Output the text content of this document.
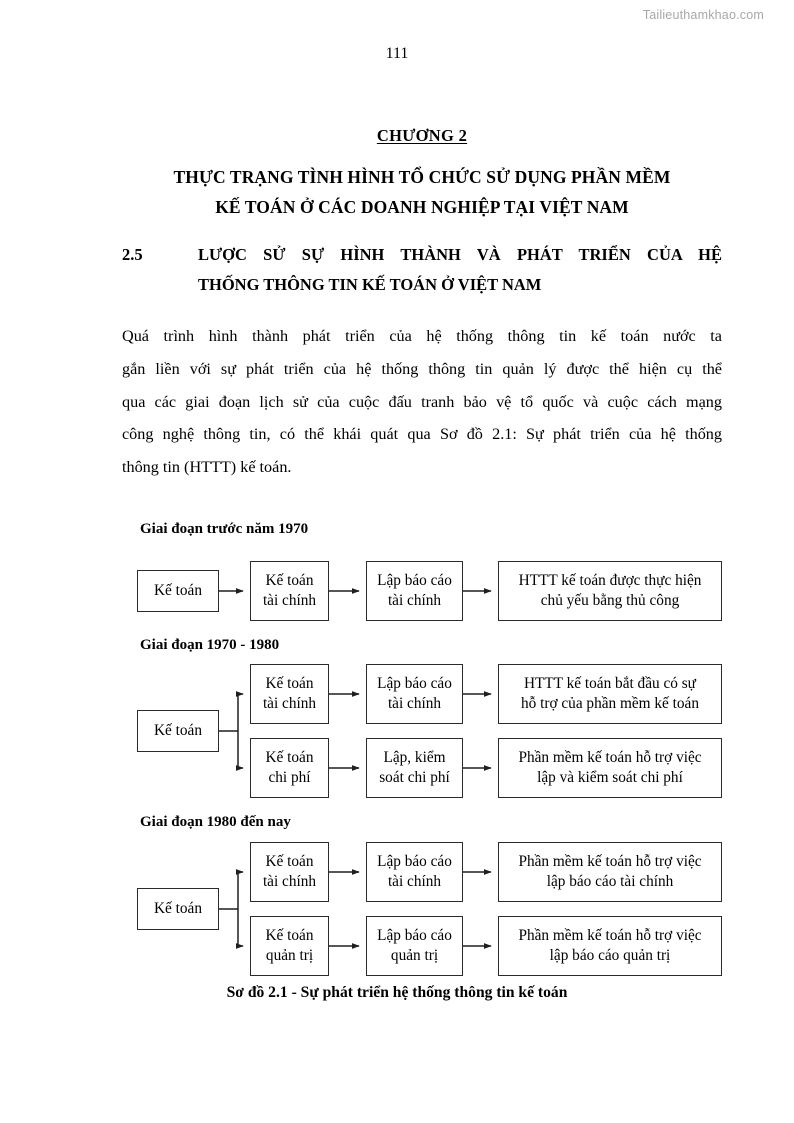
Tailieuthamkhao.com
111
CHƯƠNG 2
THỰC TRẠNG TÌNH HÌNH TỔ CHỨC SỬ DỤNG PHẦN MỀM
KẾ TOÁN Ở CÁC DOANH NGHIỆP TẠI VIỆT NAM
2.5	LƯỢC SỬ SỰ HÌNH THÀNH VÀ PHÁT TRIỂN CỦA HỆ
THỐNG THÔNG TIN KẾ TOÁN Ở VIỆT NAM
Quá trình hình thành phát triển của hệ thống thông tin kế toán nước ta
gắn liền với sự phát triển của hệ thống thông tin quản lý được thể hiện cụ thể
qua các giai đoạn lịch sử của cuộc đấu tranh bảo vệ tổ quốc và cuộc cách mạng
công nghệ thông tin, có thể khái quát qua Sơ đồ 2.1: Sự phát triển của hệ thống
thông tin (HTTT) kế toán.
Giai đoạn trước năm 1970
Kế toán
Kế toán
tài chính
Lập báo cáo
tài chính
HTTT kế toán được thực hiện
chủ yếu bằng thủ công
Giai đoạn 1970 - 1980
Kế toán
Kế toán
tài chính
Lập báo cáo
tài chính
HTTT kế toán bắt đầu có sự
hỗ trợ của phần mềm kế toán
Kế toán
chi phí
Lập, kiểm
soát chi phí
Phần mềm kế toán hỗ trợ việc
lập và kiểm soát chi phí
Giai đoạn 1980 đến nay
Kế toán
Kế toán
tài chính
Lập báo cáo
tài chính
Phần mềm kế toán hỗ trợ việc
lập báo cáo tài chính
Kế toán
quản trị
Lập báo cáo
quản trị
Phần mềm kế toán hỗ trợ việc
lập báo cáo quản trị
Sơ đồ 2.1 - Sự phát triển hệ thống thông tin kế toán
